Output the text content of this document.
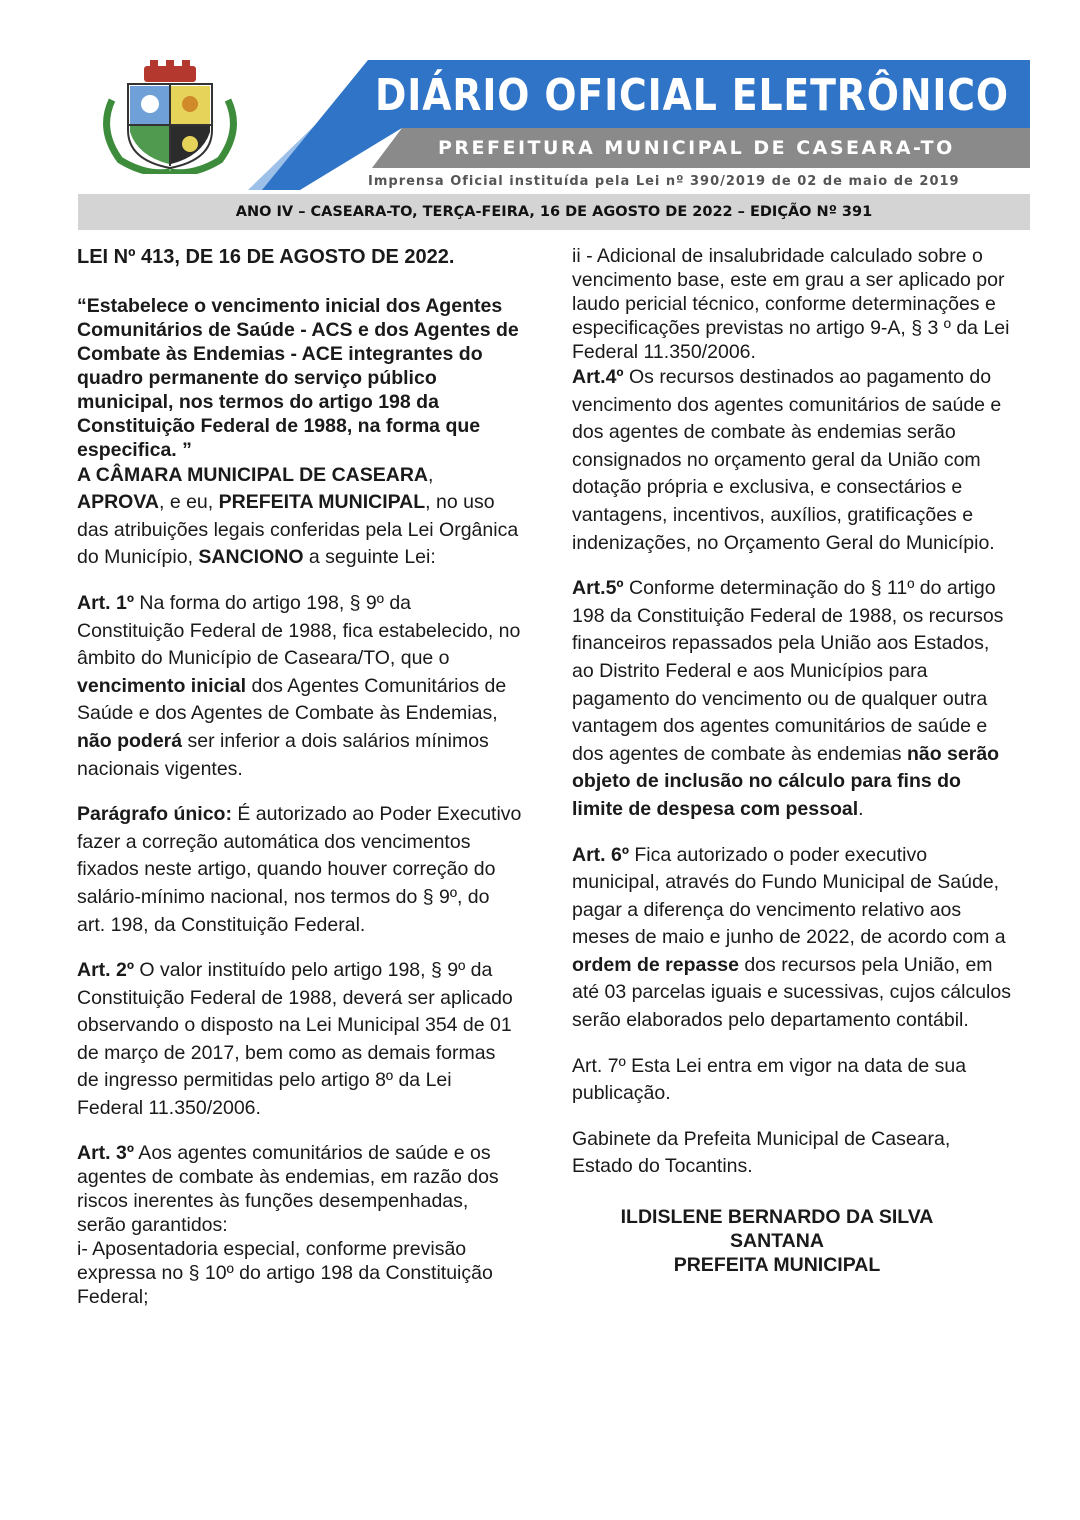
DIÁRIO OFICIAL ELETRÔNICO
PREFEITURA MUNICIPAL DE CASEARA-TO
Imprensa Oficial instituída pela Lei nº 390/2019 de 02 de maio de 2019
ANO IV – CASEARA-TO, TERÇA-FEIRA, 16 DE AGOSTO DE 2022 – EDIÇÃO Nº 391

LEI Nº 413, DE 16 DE AGOSTO DE 2022.

“Estabelece o vencimento inicial dos Agentes Comunitários de Saúde - ACS e dos Agentes de Combate às Endemias - ACE integrantes do quadro permanente do serviço público municipal, nos termos do artigo 198 da Constituição Federal de 1988, na forma que especifica. ”

A CÂMARA MUNICIPAL DE CASEARA, APROVA, e eu, PREFEITA MUNICIPAL, no uso das atribuições legais conferidas pela Lei Orgânica do Município, SANCIONO a seguinte Lei:

Art. 1º Na forma do artigo 198, § 9º da Constituição Federal de 1988, fica estabelecido, no âmbito do Município de Caseara/TO, que o vencimento inicial dos Agentes Comunitários de Saúde e dos Agentes de Combate às Endemias, não poderá ser inferior a dois salários mínimos nacionais vigentes.

Parágrafo único: É autorizado ao Poder Executivo fazer a correção automática dos vencimentos fixados neste artigo, quando houver correção do salário-mínimo nacional, nos termos do § 9º, do art. 198, da Constituição Federal.

Art. 2º O valor instituído pelo artigo 198, § 9º da Constituição Federal de 1988, deverá ser aplicado observando o disposto na Lei Municipal 354 de 01 de março de 2017, bem como as demais formas de ingresso permitidas pelo artigo 8º da Lei Federal 11.350/2006.

Art. 3º Aos agentes comunitários de saúde e os agentes de combate às endemias, em razão dos riscos inerentes às funções desempenhadas, serão garantidos:

i- Aposentadoria especial, conforme previsão expressa no § 10º do artigo 198 da Constituição Federal;

ii - Adicional de insalubridade calculado sobre o vencimento base, este em grau a ser aplicado por laudo pericial técnico, conforme determinações e especificações previstas no artigo 9-A, § 3 º da Lei Federal 11.350/2006.

Art.4º Os recursos destinados ao pagamento do vencimento dos agentes comunitários de saúde e dos agentes de combate às endemias serão consignados no orçamento geral da União com dotação própria e exclusiva, e consectários e vantagens, incentivos, auxílios, gratificações e indenizações, no Orçamento Geral do Município.

Art.5º Conforme determinação do § 11º do artigo 198 da Constituição Federal de 1988, os recursos financeiros repassados pela União aos Estados, ao Distrito Federal e aos Municípios para pagamento do vencimento ou de qualquer outra vantagem dos agentes comunitários de saúde e dos agentes de combate às endemias não serão objeto de inclusão no cálculo para fins do limite de despesa com pessoal.

Art. 6º Fica autorizado o poder executivo municipal, através do Fundo Municipal de Saúde, pagar a diferença do vencimento relativo aos meses de maio e junho de 2022, de acordo com a ordem de repasse dos recursos pela União, em até 03 parcelas iguais e sucessivas, cujos cálculos serão elaborados pelo departamento contábil.

Art. 7º Esta Lei entra em vigor na data de sua publicação.

Gabinete da Prefeita Municipal de Caseara, Estado do Tocantins.

ILDISLENE BERNARDO DA SILVA
SANTANA
PREFEITA MUNICIPAL
